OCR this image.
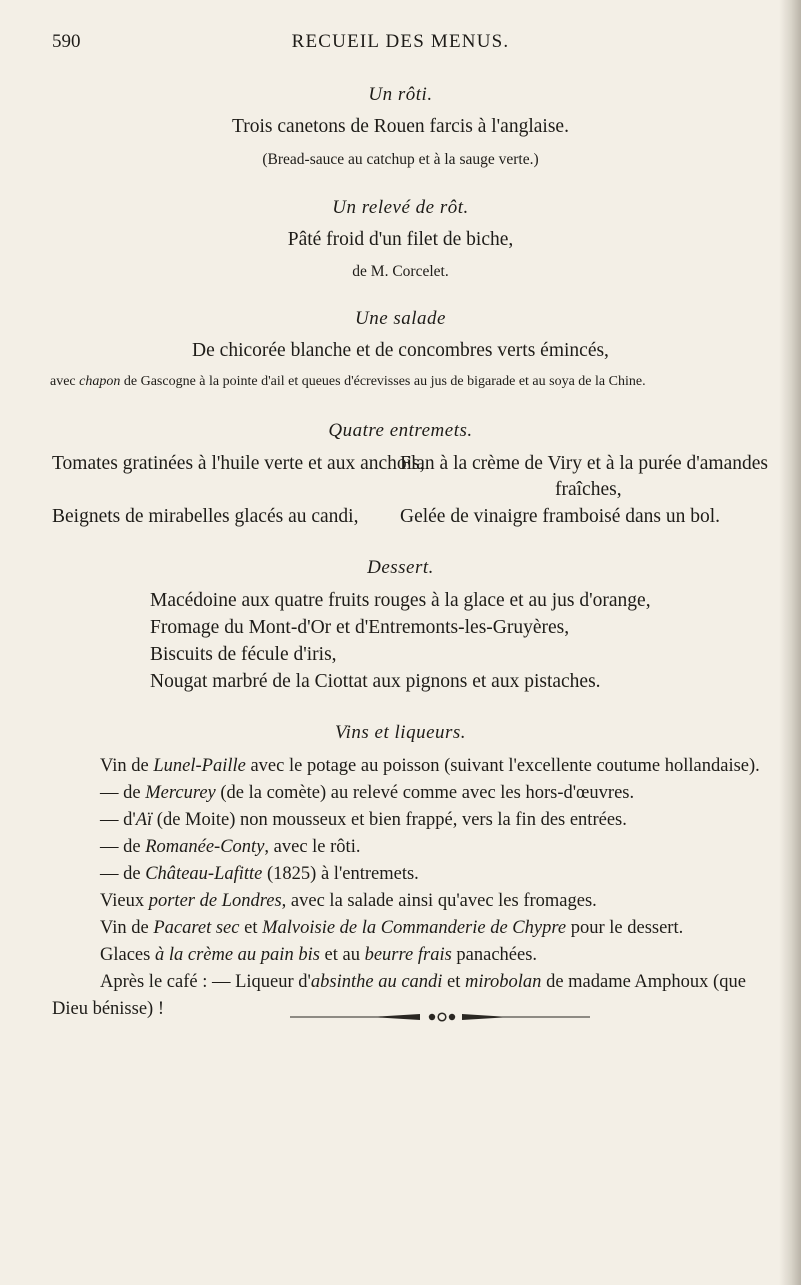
590	RECUEIL DES MENUS.
Un rôti.
Trois canetons de Rouen farcis à l'anglaise.
(Bread-sauce au catchup et à la sauge verte.)
Un relevé de rôt.
Pâté froid d'un filet de biche,
de M. Corcelet.
Une salade
De chicorée blanche et de concombres verts émincés,
avec chapon de Gascogne à la pointe d'ail et queues d'écrevisses au jus de bigarade et au soya de la Chine.
Quatre entremets.
Tomates gratinées à l'huile verte et aux anchois,
Flan à la crème de Viry et à la purée d'amandes
fraîches,
Beignets de mirabelles glacés au candi, Gelée de vinaigre framboisé dans un bol.
Dessert.
Macédoine aux quatre fruits rouges à la glace et au jus d'orange,
Fromage du Mont-d'Or et d'Entremonts-les-Gruyères,
Biscuits de fécule d'iris,
Nougat marbré de la Ciottat aux pignons et aux pistaches.
Vins et liqueurs.
Vin de Lunel-Paille avec le potage au poisson (suivant l'excellente coutume hollandaise).
— de Mercurey (de la comète) au relevé comme avec les hors-d'œuvres.
— d'Aï (de Moite) non mousseux et bien frappé, vers la fin des entrées.
— de Romanée-Conty, avec le rôti.
— de Château-Lafitte (1825) à l'entremets.
Vieux porter de Londres, avec la salade ainsi qu'avec les fromages.
Vin de Pacaret sec et Malvoisie de la Commanderie de Chypre pour le dessert.
Glaces à la crème au pain bis et au beurre frais panachées.
Après le café : — Liqueur d'absinthe au candi et mirobolan de madame Amphoux (que
Dieu bénisse) !
